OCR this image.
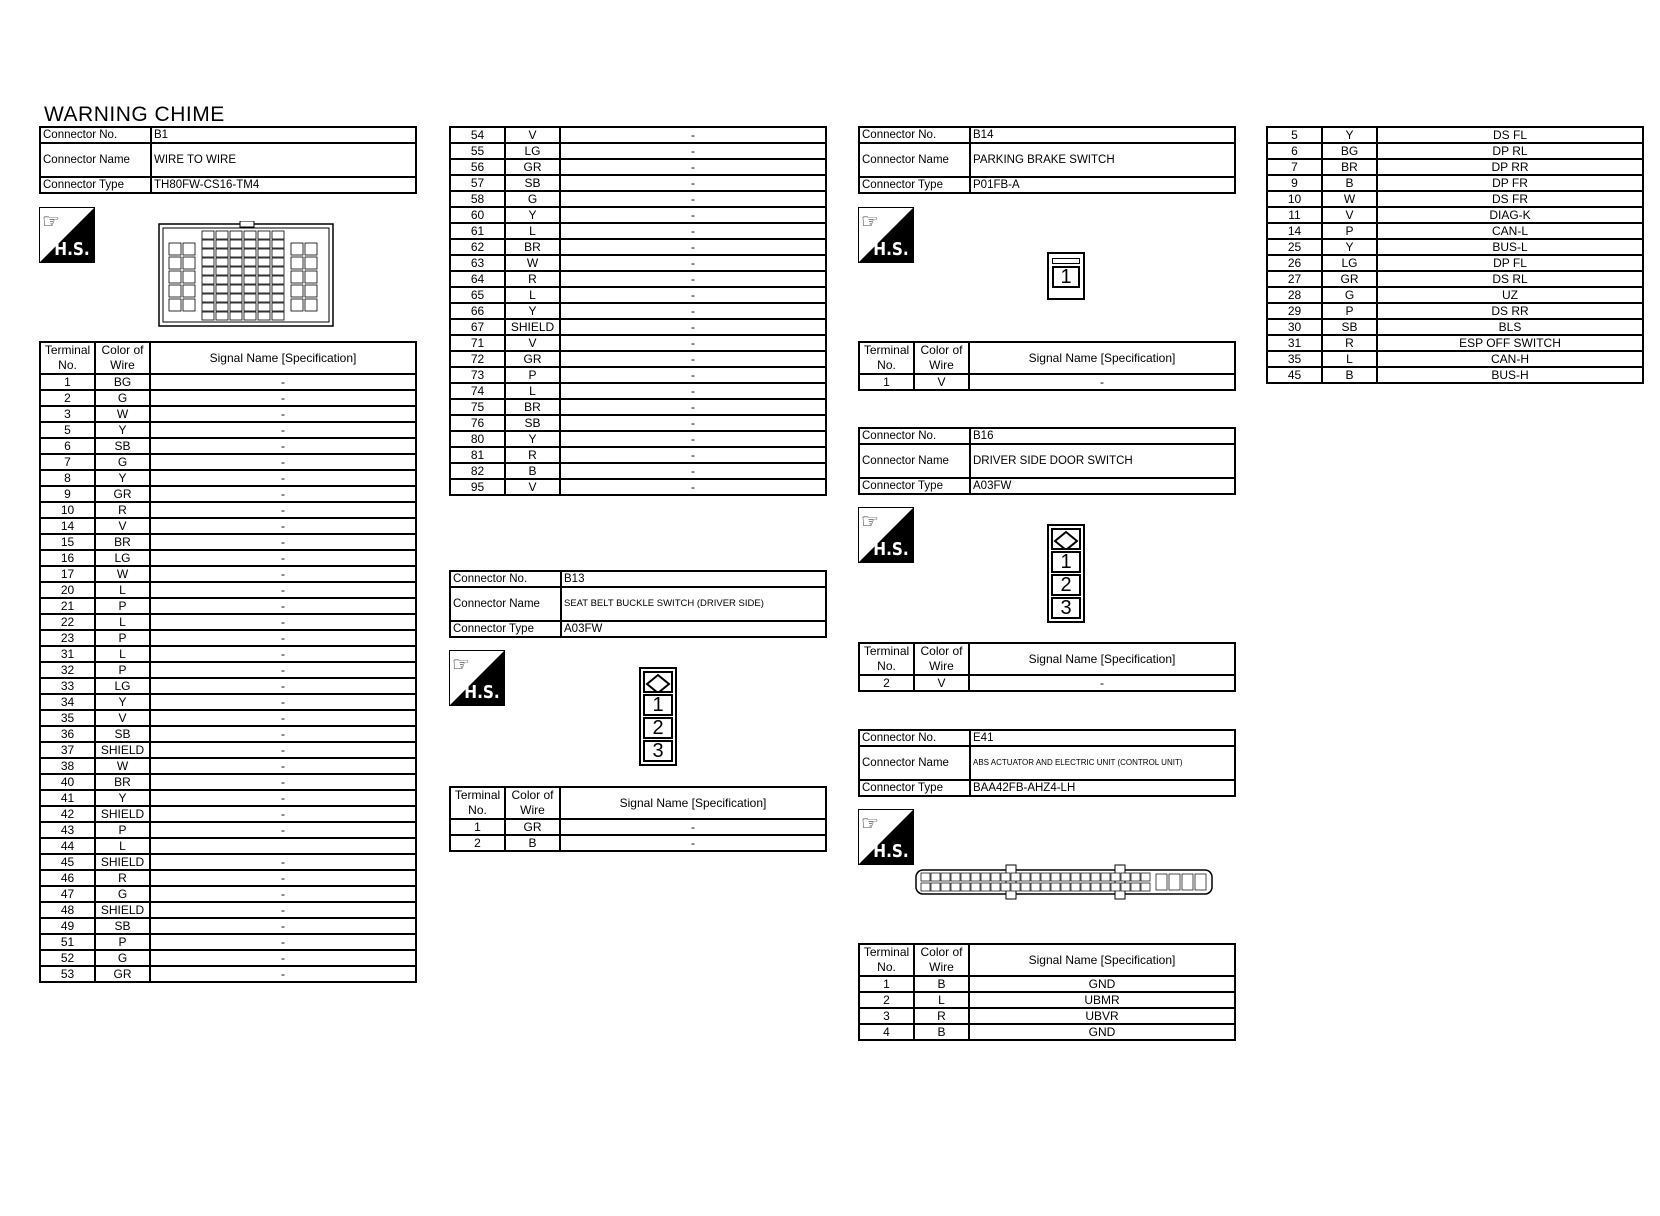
WARNING CHIME
Connector No.	B1
Connector Name	WIRE TO WIRE
Connector Type	TH80FW-CS16-TM4
☞
H.S.
Terminal No.	Color of Wire	Signal Name [Specification]
1	BG	-
2	G	-
3	W	-
5	Y	-
6	SB	-
7	G	-
8	Y	-
9	GR	-
10	R	-
14	V	-
15	BR	-
16	LG	-
17	W	-
20	L	-
21	P	-
22	L	-
23	P	-
31	L	-
32	P	-
33	LG	-
34	Y	-
35	V	-
36	SB	-
37	SHIELD	-
38	W	-
40	BR	-
41	Y	-
42	SHIELD	-
43	P	-
44	L	
45	SHIELD	-
46	R	-
47	G	-
48	SHIELD	-
49	SB	-
51	P	-
52	G	-
53	GR	-
54	V	-
55	LG	-
56	GR	-
57	SB	-
58	G	-
60	Y	-
61	L	-
62	BR	-
63	W	-
64	R	-
65	L	-
66	Y	-
67	SHIELD	-
71	V	-
72	GR	-
73	P	-
74	L	-
75	BR	-
76	SB	-
80	Y	-
81	R	-
82	B	-
95	V	-
Connector No.	B13
Connector Name	SEAT BELT BUCKLE SWITCH (DRIVER SIDE)
Connector Type	A03FW
☞
H.S.
1
2
3
Terminal No.	Color of Wire	Signal Name [Specification]
1	GR	-
2	B	-
Connector No.	B14
Connector Name	PARKING BRAKE SWITCH
Connector Type	P01FB-A
☞
H.S.
1
Terminal No.	Color of Wire	Signal Name [Specification]
1	V	-
Connector No.	B16
Connector Name	DRIVER SIDE DOOR SWITCH
Connector Type	A03FW
☞
H.S.
1
2
3
Terminal No.	Color of Wire	Signal Name [Specification]
2	V	-
Connector No.	E41
Connector Name	ABS ACTUATOR AND ELECTRIC UNIT (CONTROL UNIT)
Connector Type	BAA42FB-AHZ4-LH
☞
H.S.
Terminal No.	Color of Wire	Signal Name [Specification]
1	B	GND
2	L	UBMR
3	R	UBVR
4	B	GND
5	Y	DS FL
6	BG	DP RL
7	BR	DP RR
9	B	DP FR
10	W	DS FR
11	V	DIAG-K
14	P	CAN-L
25	Y	BUS-L
26	LG	DP FL
27	GR	DS RL
28	G	UZ
29	P	DS RR
30	SB	BLS
31	R	ESP OFF SWITCH
35	L	CAN-H
45	B	BUS-H
